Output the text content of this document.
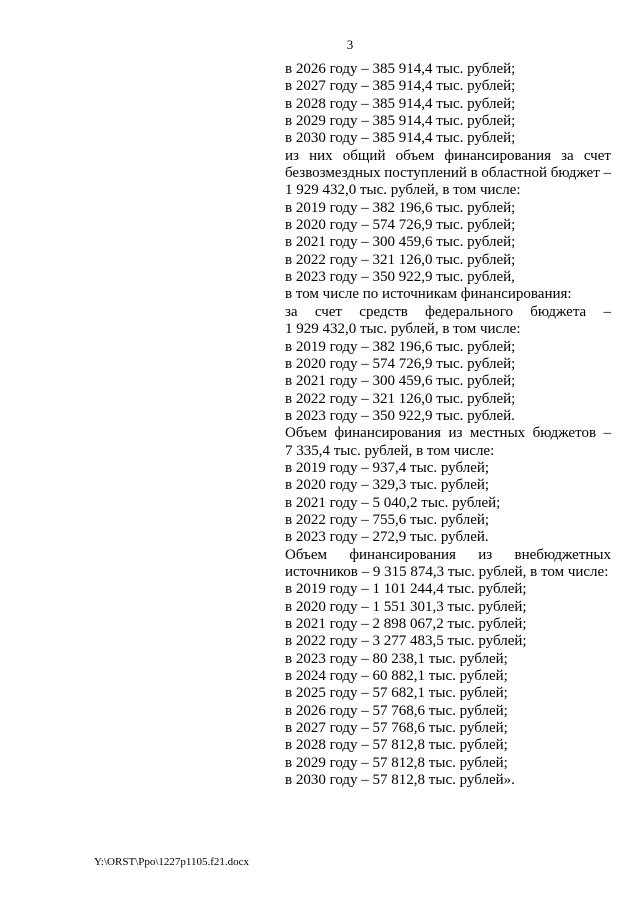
3
в 2026 году – 385 914,4 тыс. рублей;
в 2027 году – 385 914,4 тыс. рублей;
в 2028 году – 385 914,4 тыс. рублей;
в 2029 году – 385 914,4 тыс. рублей;
в 2030 году – 385 914,4 тыс. рублей;
из них общий объем финансирования за счет
безвозмездных поступлений в областной бюджет –
1 929 432,0 тыс. рублей, в том числе:
в 2019 году – 382 196,6 тыс. рублей;
в 2020 году – 574 726,9 тыс. рублей;
в 2021 году – 300 459,6 тыс. рублей;
в 2022 году – 321 126,0 тыс. рублей;
в 2023 году – 350 922,9 тыс. рублей,
в том числе по источникам финансирования:
за счет средств федерального бюджета –
1 929 432,0 тыс. рублей, в том числе:
в 2019 году – 382 196,6 тыс. рублей;
в 2020 году – 574 726,9 тыс. рублей;
в 2021 году – 300 459,6 тыс. рублей;
в 2022 году – 321 126,0 тыс. рублей;
в 2023 году – 350 922,9 тыс. рублей.
Объем финансирования из местных бюджетов –
7 335,4 тыс. рублей, в том числе:
в 2019 году – 937,4 тыс. рублей;
в 2020 году – 329,3 тыс. рублей;
в 2021 году – 5 040,2 тыс. рублей;
в 2022 году – 755,6 тыс. рублей;
в 2023 году – 272,9 тыс. рублей.
Объем финансирования из внебюджетных
источников – 9 315 874,3 тыс. рублей, в том числе:
в 2019 году – 1 101 244,4 тыс. рублей;
в 2020 году – 1 551 301,3 тыс. рублей;
в 2021 году – 2 898 067,2 тыс. рублей;
в 2022 году – 3 277 483,5 тыс. рублей;
в 2023 году – 80 238,1 тыс. рублей;
в 2024 году – 60 882,1 тыс. рублей;
в 2025 году – 57 682,1 тыс. рублей;
в 2026 году – 57 768,6 тыс. рублей;
в 2027 году – 57 768,6 тыс. рублей;
в 2028 году – 57 812,8 тыс. рублей;
в 2029 году – 57 812,8 тыс. рублей;
в 2030 году – 57 812,8 тыс. рублей».
Y:\ORST\Ppo\1227p1105.f21.docx
